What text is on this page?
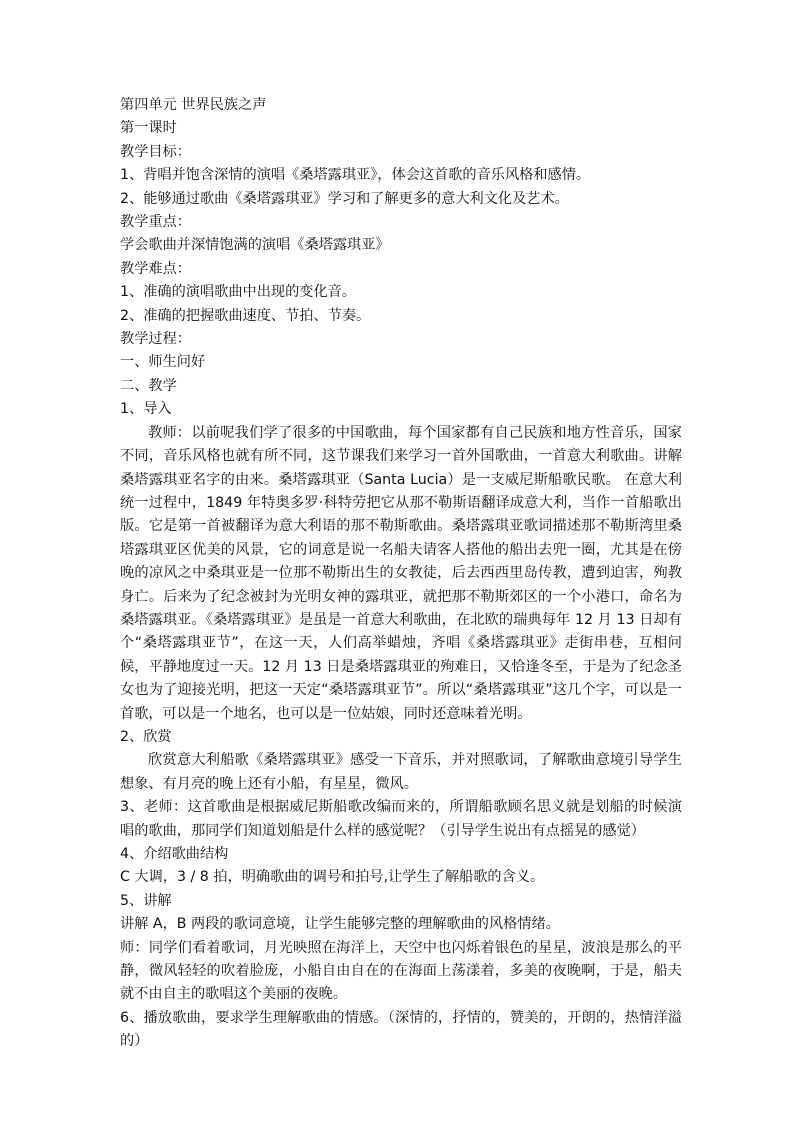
第四单元 世界民族之声

第一课时

教学目标：

1、背唱并饱含深情的演唱《桑塔露琪亚》，体会这首歌的音乐风格和感情。

2、能够通过歌曲《桑塔露琪亚》学习和了解更多的意大利文化及艺术。

教学重点：

学会歌曲并深情饱满的演唱《桑塔露琪亚》

教学难点：

1、准确的演唱歌曲中出现的变化音。

2、准确的把握歌曲速度、节拍、节奏。

教学过程：

一、师生问好

二、教学

1、导入

教师：以前呢我们学了很多的中国歌曲，每个国家都有自己民族和地方性音乐，国家不同，音乐风格也就有所不同，这节课我们来学习一首外国歌曲，一首意大利歌曲。讲解桑塔露琪亚名字的由来。桑塔露琪亚（Santa Lucia）是一支威尼斯船歌民歌。 在意大利统一过程中，1849 年特奥多罗·科特劳把它从那不勒斯语翻译成意大利，当作一首船歌出版。它是第一首被翻译为意大利语的那不勒斯歌曲。桑塔露琪亚歌词描述那不勒斯湾里桑塔露琪亚区优美的风景，它的词意是说一名船夫请客人搭他的船出去兜一圈，尤其是在傍晚的凉风之中桑琪亚是一位那不勒斯出生的女教徒，后去西西里岛传教，遭到迫害，殉教身亡。后来为了纪念被封为光明女神的露琪亚，就把那不勒斯郊区的一个小港口，命名为桑塔露琪亚。《桑塔露琪亚》是虽是一首意大利歌曲，在北欧的瑞典每年 12 月 13 日却有个“桑塔露琪亚节”，在这一天，人们高举蜡烛，齐唱《桑塔露琪亚》走街串巷，互相问候，平静地度过一天。12 月 13 日是桑塔露琪亚的殉难日，又恰逢冬至，于是为了纪念圣女也为了迎接光明，把这一天定“桑塔露琪亚节”。所以“桑塔露琪亚”这几个字，可以是一首歌，可以是一个地名，也可以是一位姑娘，同时还意味着光明。

2、欣赏

欣赏意大利船歌《桑塔露琪亚》感受一下音乐，并对照歌词，了解歌曲意境引导学生想象、有月亮的晚上还有小船，有星星，微风。

3、老师：这首歌曲是根据威尼斯船歌改编而来的，所谓船歌顾名思义就是划船的时候演唱的歌曲，那同学们知道划船是什么样的感觉呢？（引导学生说出有点摇晃的感觉）

4、介绍歌曲结构

C 大调，3 / 8 拍，明确歌曲的调号和拍号,让学生了解船歌的含义。

5、讲解

讲解 A，B 两段的歌词意境，让学生能够完整的理解歌曲的风格情绪。

师：同学们看着歌词，月光映照在海洋上，天空中也闪烁着银色的星星，波浪是那么的平静，微风轻轻的吹着脸庞，小船自由自在的在海面上荡漾着，多美的夜晚啊，于是，船夫就不由自主的歌唱这个美丽的夜晚。

6、播放歌曲，要求学生理解歌曲的情感。（深情的，抒情的，赞美的，开朗的，热情洋溢的）
